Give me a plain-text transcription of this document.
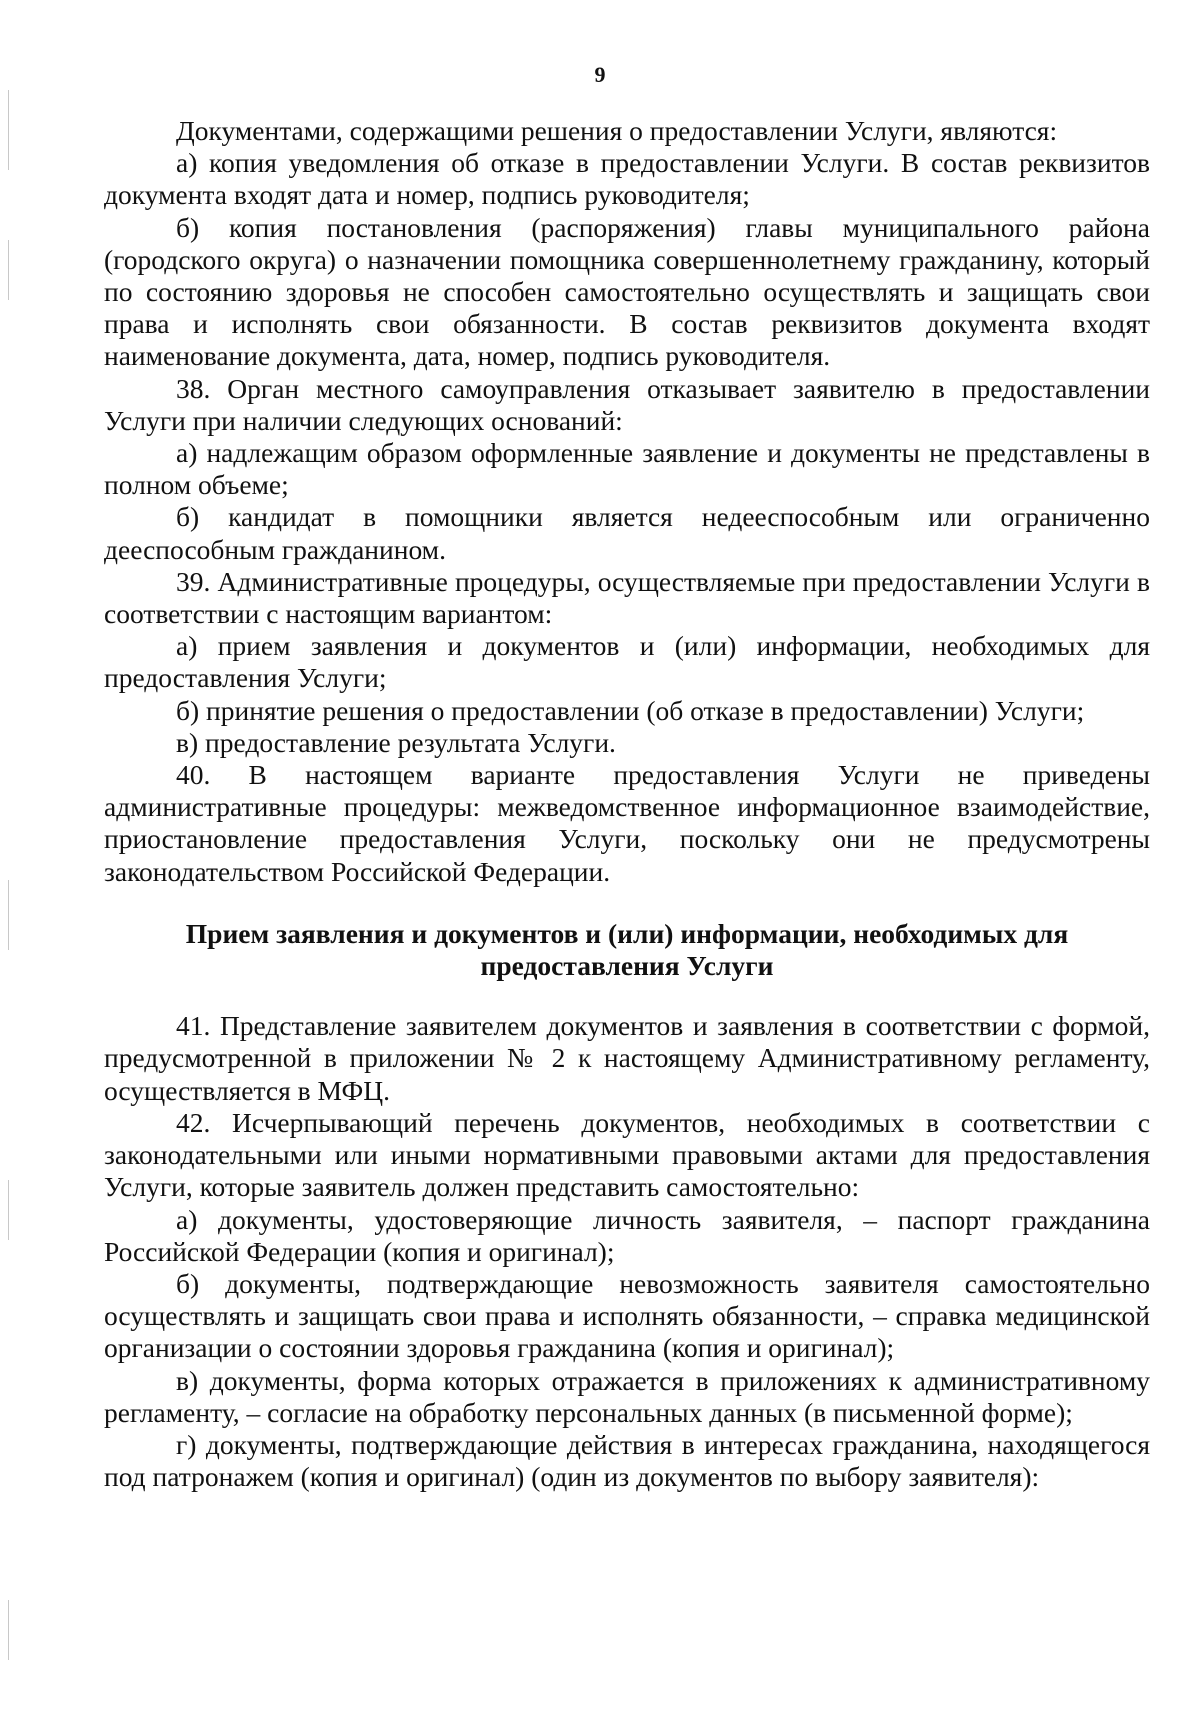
9

Документами, содержащими решения о предоставлении Услуги, являются:

а) копия уведомления об отказе в предоставлении Услуги. В состав реквизитов документа входят дата и номер, подпись руководителя;

б) копия постановления (распоряжения) главы муниципального района (городского округа) о назначении помощника совершеннолетнему гражданину, который по состоянию здоровья не способен самостоятельно осуществлять и защищать свои права и исполнять свои обязанности. В состав реквизитов документа входят наименование документа, дата, номер, подпись руководителя.

38. Орган местного самоуправления отказывает заявителю в предоставлении Услуги при наличии следующих оснований:

а) надлежащим образом оформленные заявление и документы не представлены в полном объеме;

б) кандидат в помощники является недееспособным или ограниченно дееспособным гражданином.

39. Административные процедуры, осуществляемые при предоставлении Услуги в соответствии с настоящим вариантом:

а) прием заявления и документов и (или) информации, необходимых для предоставления Услуги;

б) принятие решения о предоставлении (об отказе в предоставлении) Услуги;

в) предоставление результата Услуги.

40. В настоящем варианте предоставления Услуги не приведены административные процедуры: межведомственное информационное взаимодействие, приостановление предоставления Услуги, поскольку они не предусмотрены законодательством Российской Федерации.

Прием заявления и документов и (или) информации, необходимых для предоставления Услуги

41. Представление заявителем документов и заявления в соответствии с формой, предусмотренной в приложении № 2 к настоящему Административному регламенту, осуществляется в МФЦ.

42. Исчерпывающий перечень документов, необходимых в соответствии с законодательными или иными нормативными правовыми актами для предоставления Услуги, которые заявитель должен представить самостоятельно:

а) документы, удостоверяющие личность заявителя, – паспорт гражданина Российской Федерации (копия и оригинал);

б) документы, подтверждающие невозможность заявителя самостоятельно осуществлять и защищать свои права и исполнять обязанности, – справка медицинской организации о состоянии здоровья гражданина (копия и оригинал);

в) документы, форма которых отражается в приложениях к административному регламенту, – согласие на обработку персональных данных (в письменной форме);

г) документы, подтверждающие действия в интересах гражданина, находящегося под патронажем (копия и оригинал) (один из документов по выбору заявителя):
